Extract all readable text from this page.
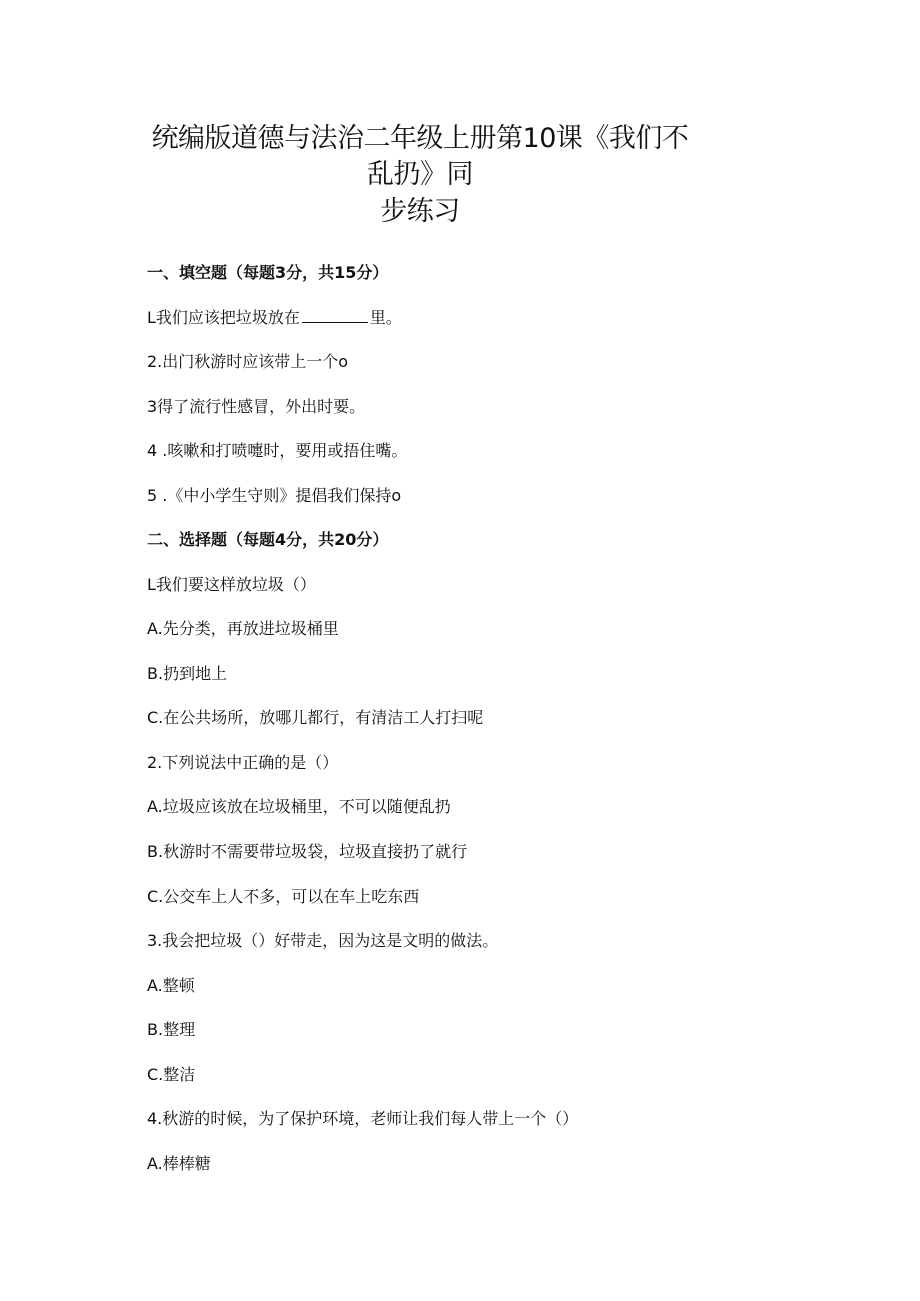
统编版道德与法治二年级上册第10课《我们不
乱扔》同
步练习
一、填空题（每题3分，共15分）
L我们应该把垃圾放在	里。
2.出门秋游时应该带上一个o
3得了流行性感冒，外出时要。
4 .咳嗽和打喷嚏时，要用或捂住嘴。
5 .《中小学生守则》提倡我们保持o
二、选择题（每题4分，共20分）
L我们要这样放垃圾（）
A.先分类，再放进垃圾桶里
B.扔到地上
C.在公共场所，放哪儿都行，有清洁工人打扫呢
2.下列说法中正确的是（）
A.垃圾应该放在垃圾桶里，不可以随便乱扔
B.秋游时不需要带垃圾袋，垃圾直接扔了就行
C.公交车上人不多，可以在车上吃东西
3.我会把垃圾（）好带走，因为这是文明的做法。
A.整顿
B.整理
C.整洁
4.秋游的时候，为了保护环境，老师让我们每人带上一个（）
A.棒棒糖
